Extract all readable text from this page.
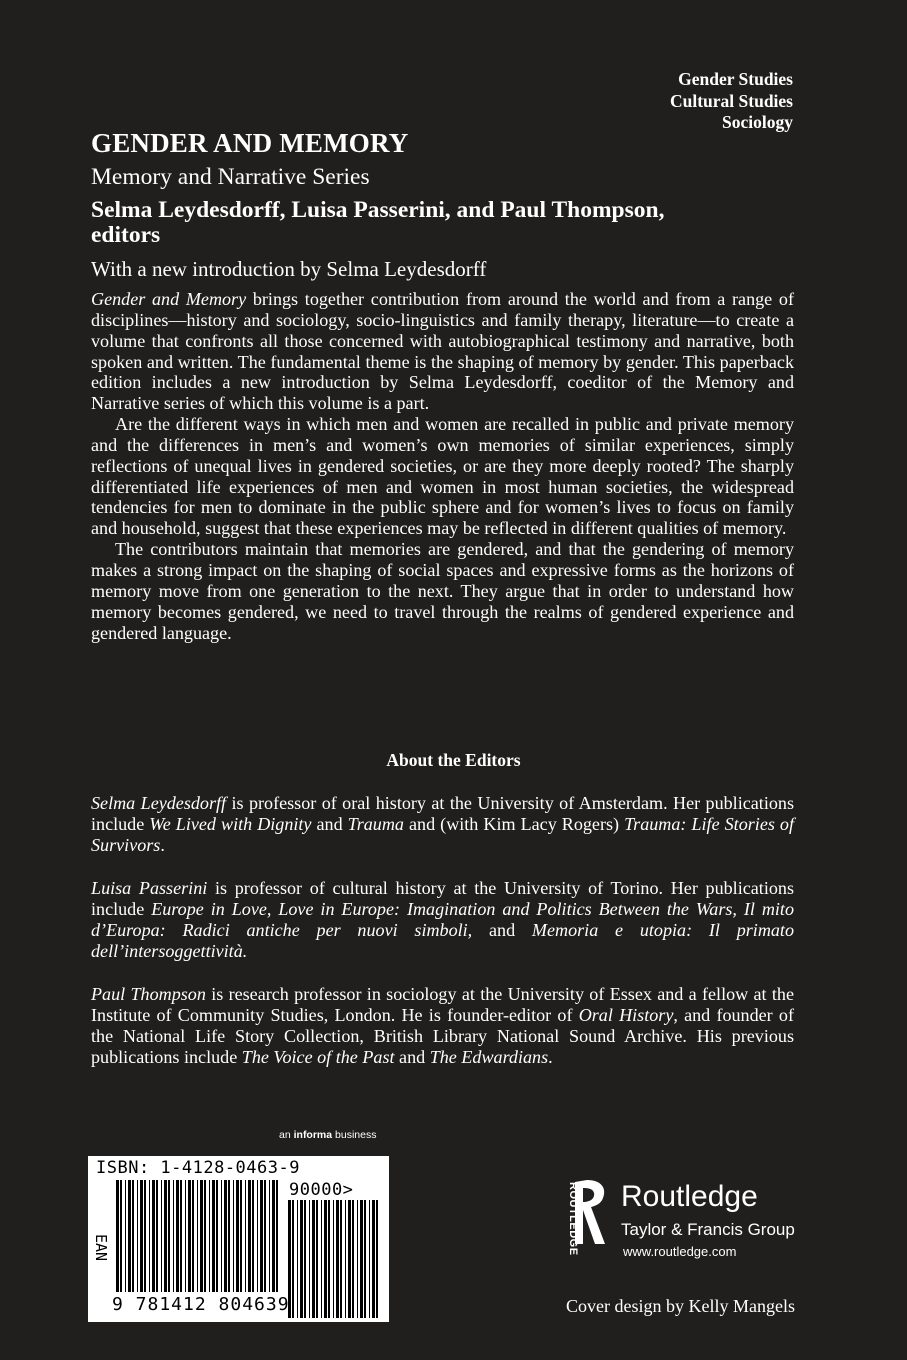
Gender Studies
Cultural Studies
Sociology
GENDER AND MEMORY
Memory and Narrative Series
Selma Leydesdorff, Luisa Passerini, and Paul Thompson, editors
With a new introduction by Selma Leydesdorff

Gender and Memory brings together contribution from around the world and from a range of disciplines—history and sociology, socio-linguistics and family therapy, literature—to create a volume that confronts all those concerned with autobiographical testimony and narrative, both spoken and written. The fundamental theme is the shaping of memory by gender. This paperback edition includes a new introduction by Selma Leydesdorff, coeditor of the Memory and Narrative series of which this volume is a part.

Are the different ways in which men and women are recalled in public and private memory and the differences in men’s and women’s own memories of similar experiences, simply reflections of unequal lives in gendered societies, or are they more deeply rooted? The sharply differentiated life experiences of men and women in most human societies, the widespread tendencies for men to dominate in the public sphere and for women’s lives to focus on family and household, suggest that these experiences may be reflected in different qualities of memory.

The contributors maintain that memories are gendered, and that the gendering of memory makes a strong impact on the shaping of social spaces and expressive forms as the horizons of memory move from one generation to the next. They argue that in order to understand how memory becomes gendered, we need to travel through the realms of gendered experience and gendered language.

About the Editors

Selma Leydesdorff is professor of oral history at the University of Amsterdam. Her publications include We Lived with Dignity and Trauma and (with Kim Lacy Rogers) Trauma: Life Stories of Survivors.

Luisa Passerini is professor of cultural history at the University of Torino. Her publications include Europe in Love, Love in Europe: Imagination and Politics Between the Wars, Il mito d’Europa: Radici antiche per nuovi simboli, and Memoria e utopia: Il primato dell’intersoggettività.

Paul Thompson is research professor in sociology at the University of Essex and a fellow at the Institute of Community Studies, London. He is founder-editor of Oral History, and founder of the National Life Story Collection, British Library National Sound Archive. His previous publications include The Voice of the Past and The Edwardians.

an informa business
ISBN: 1-4128-0463-9
EAN
90000>
9 781412 804639
ROUTLEDGE Routledge
Taylor & Francis Group
www.routledge.com
Cover design by Kelly Mangels
